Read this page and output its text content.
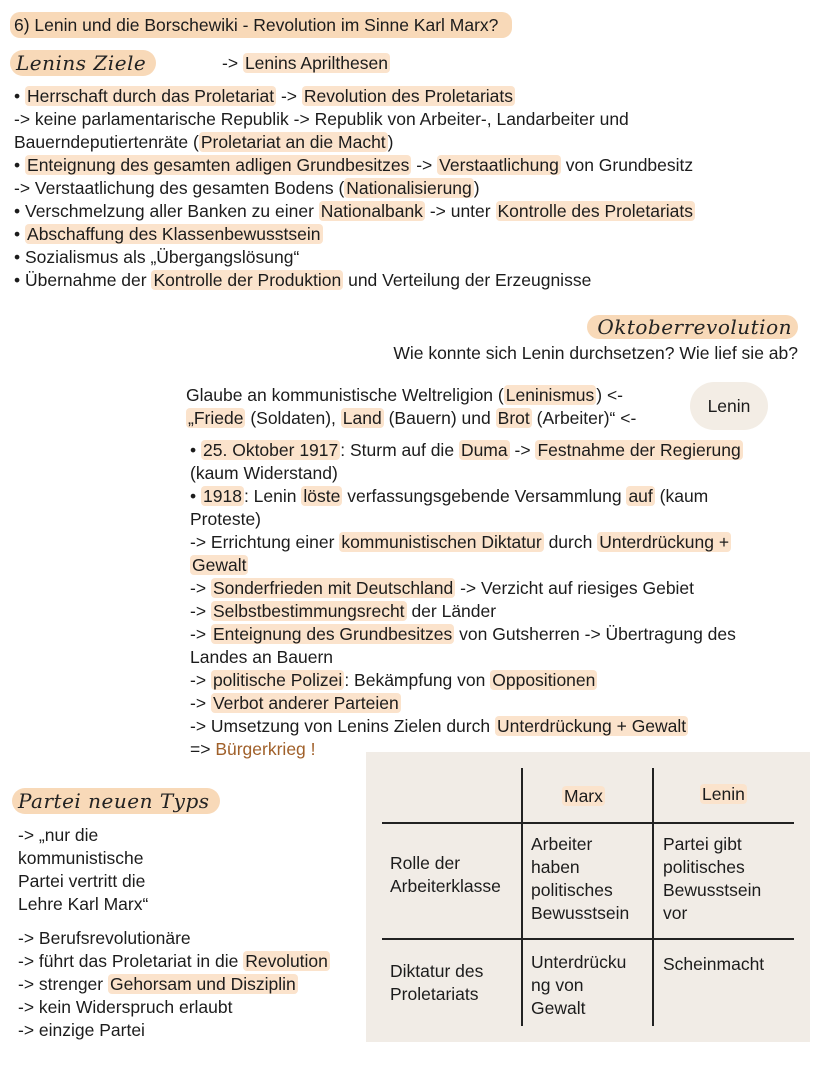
6) Lenin und die Borschewiki - Revolution im Sinne Karl Marx?
Lenins Ziele	-> Lenins Aprilthesen
• Herrschaft durch das Proletariat -> Revolution des Proletariats
-> keine parlamentarische Republik -> Republik von Arbeiter-, Landarbeiter und
Bauerndeputiertenräte ( Proletariat an die Macht )
• Enteignung des gesamten adligen Grundbesitzes -> Verstaatlichung von Grundbesitz
-> Verstaatlichung des gesamten Bodens ( Nationalisierung )
• Verschmelzung aller Banken zu einer Nationalbank -> unter Kontrolle des Proletariats
• Abschaffung des Klassenbewusstsein
• Sozialismus als „Übergangslösung“
• Übernahme der Kontrolle der Produktion und Verteilung der Erzeugnisse
Oktoberrevolution
Wie konnte sich Lenin durchsetzen? Wie lief sie ab?
Glaube an kommunistische Weltreligion ( Leninismus ) <-
„Friede (Soldaten), Land (Bauern) und Brot (Arbeiter)“ <-
Lenin
• 25. Oktober 1917 : Sturm auf die Duma -> Festnahme der Regierung
(kaum Widerstand)
• 1918 : Lenin löste verfassungsgebende Versammlung auf (kaum
Proteste)
-> Errichtung einer kommunistischen Diktatur durch Unterdrückung +
Gewalt
-> Sonderfrieden mit Deutschland -> Verzicht auf riesiges Gebiet
-> Selbstbestimmungsrecht der Länder
-> Enteignung des Grundbesitzes von Gutsherren -> Übertragung des
Landes an Bauern
-> politische Polizei : Bekämpfung von Oppositionen
-> Verbot anderer Parteien
-> Umsetzung von Lenins Zielen durch Unterdrückung + Gewalt
=> Bürgerkrieg !
Partei neuen Typs
-> „nur die
kommunistische
Partei vertritt die
Lehre Karl Marx“
-> Berufsrevolutionäre
-> führt das Proletariat in die Revolution
-> strenger Gehorsam und Disziplin
-> kein Widerspruch erlaubt
-> einzige Partei
Marx	Lenin
Rolle der
Arbeiterklasse
Arbeiter
haben
politisches
Bewusstsein
Partei gibt
politisches
Bewusstsein
vor
Diktatur des
Proletariats
Unterdrücku
ng von
Gewalt
Scheinmacht
